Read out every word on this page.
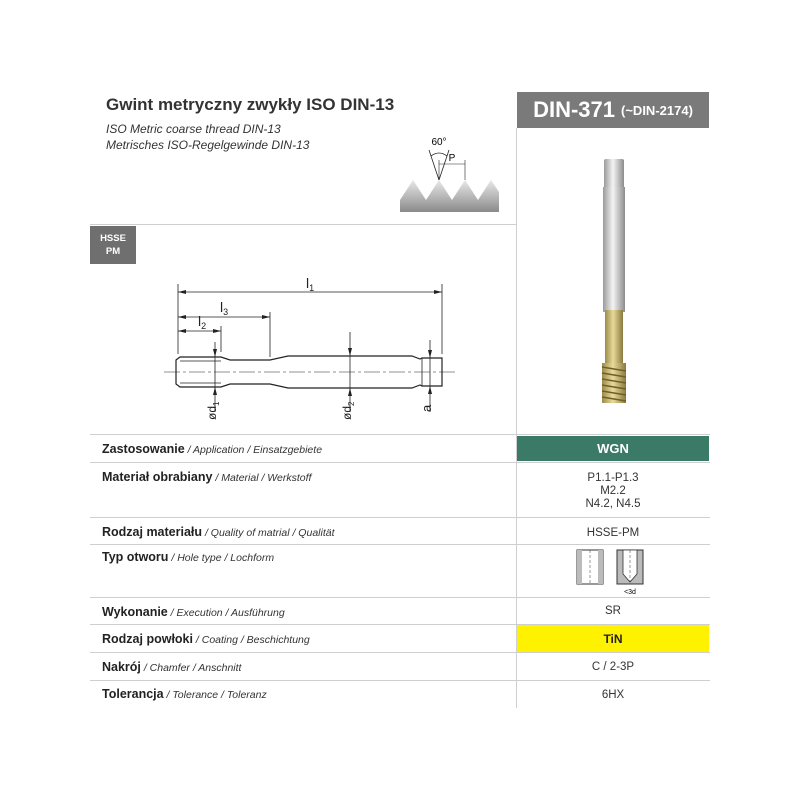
Gwint metryczny zwykły ISO DIN-13
ISO Metric coarse thread DIN-13
Metrisches ISO-Regelgewinde DIN-13	60°
P
DIN-371 (~DIN-2174)
HSSE
PM
$l_1$
$l_3$
$l_2$
$ød_1$
$ød_2$
a
Zastosowanie / Application / Einsatzgebiete	WGN
Materiał obrabiany / Material / Werkstoff	P1.1-P1.3
M2.2
N4.2, N4.5
Rodzaj materiału / Quality of matrial / Qualität	HSSE-PM
Typ otworu / Hole type / Lochform
<3d
Wykonanie / Execution / Ausführung	SR
Rodzaj powłoki / Coating / Beschichtung	TiN
Nakrój / Chamfer / Anschnitt	C / 2-3P
Tolerancja / Tolerance / Toleranz	6HX
